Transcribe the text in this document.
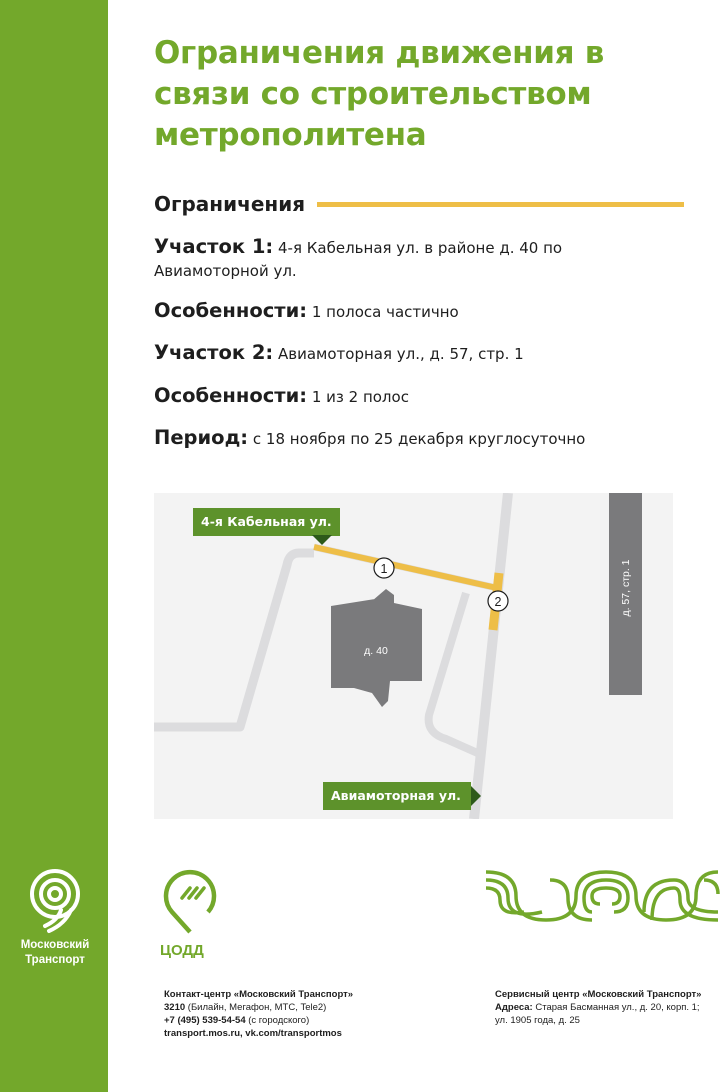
Ограничения движения в связи со строительством метрополитена
Ограничения

Участок 1: 4-я Кабельная ул. в районе д. 40 по Авиамоторной ул.

Особенности: 1 полоса частично

Участок 2: Авиамоторная ул., д. 57, стр. 1

Особенности: 1 из 2 полос

Период: с 18 ноября по 25 декабря круглосуточно

д. 40
д. 57, стр. 1
1
2
4-я Кабельная ул.
Авиамоторная ул.
Московский
Транспорт
ЦОДД
Контакт-центр «Московский Транспорт»
3210 (Билайн, Мегафон, МТС, Tele2)
+7 (495) 539-54-54 (с городского)
transport.mos.ru, vk.com/transportmos
Сервисный центр «Московский Транспорт»
Адреса: Старая Басманная ул., д. 20, корп. 1;
ул. 1905 года, д. 25
